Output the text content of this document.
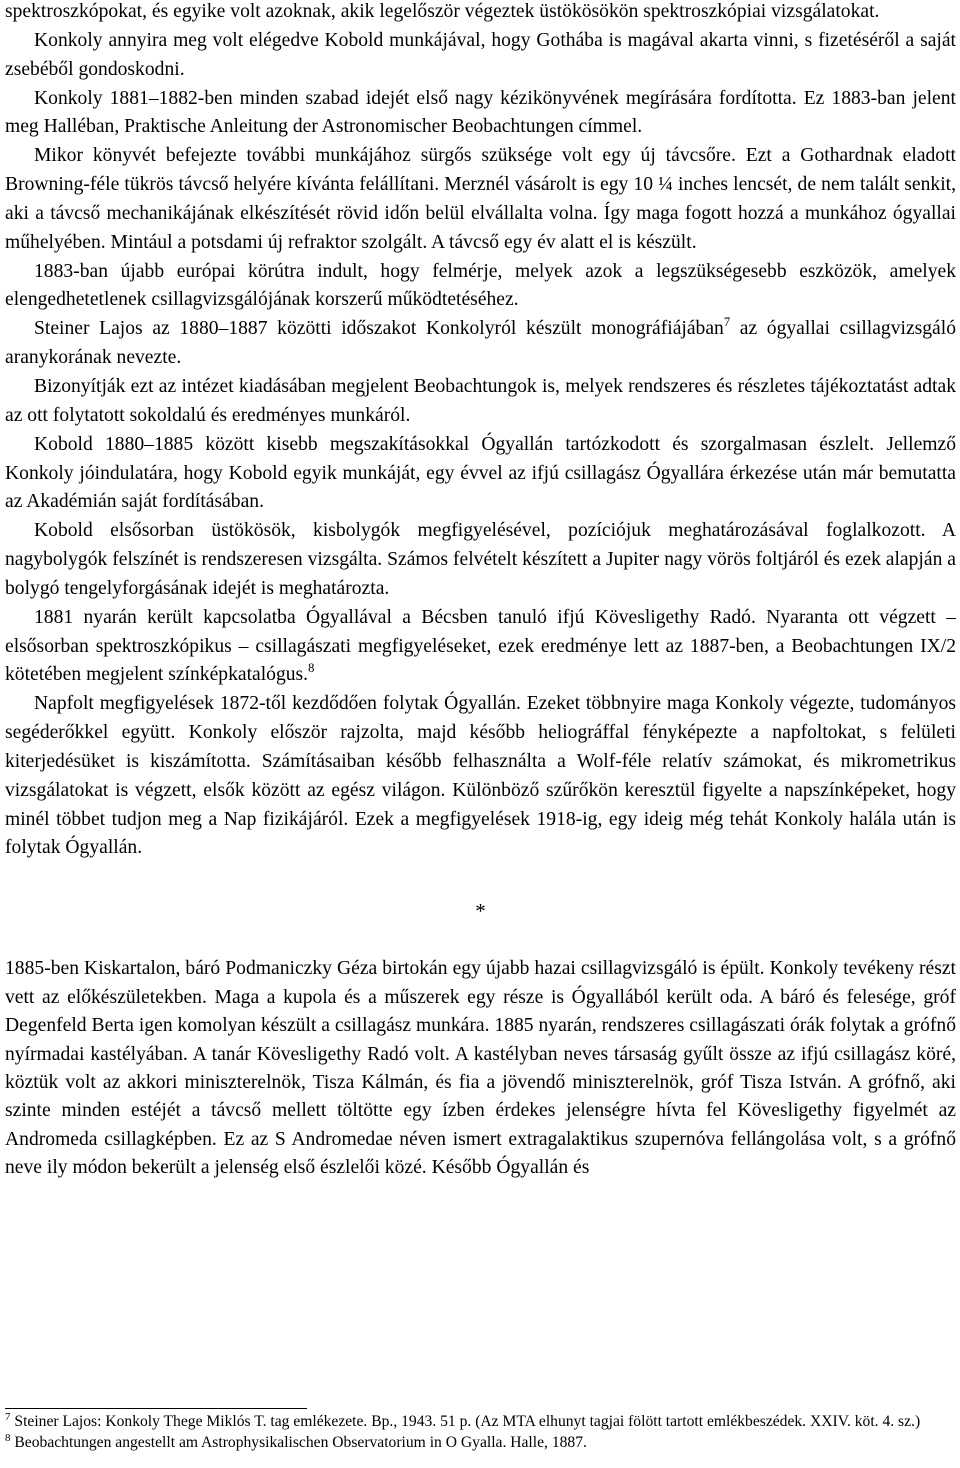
spektroszkópokat, és egyike volt azoknak, akik legelőször végeztek üstökösökön spektroszkópiai vizsgálatokat.

Konkoly annyira meg volt elégedve Kobold munkájával, hogy Gothába is magával akarta vinni, s fizetéséről a saját zsebéből gondoskodni.

Konkoly 1881–1882-ben minden szabad idejét első nagy kézikönyvének megírására fordította. Ez 1883-ban jelent meg Halléban, Praktische Anleitung der Astronomischer Beobachtungen címmel.

Mikor könyvét befejezte további munkájához sürgős szüksége volt egy új távcsőre. Ezt a Gothardnak eladott Browning-féle tükrös távcső helyére kívánta felállítani. Merznél vásárolt is egy 10 ¼ inches lencsét, de nem talált senkit, aki a távcső mechanikájának elkészítését rövid időn belül elvállalta volna. Így maga fogott hozzá a munkához ógyallai műhelyében. Mintául a potsdami új refraktor szolgált. A távcső egy év alatt el is készült.

1883-ban újabb európai körútra indult, hogy felmérje, melyek azok a legszükségesebb eszközök, amelyek elengedhetetlenek csillagvizsgálójának korszerű működtetéséhez.

Steiner Lajos az 1880–1887 közötti időszakot Konkolyról készült monográfiájában$^7$ az ógyallai csillagvizsgáló aranykorának nevezte.

Bizonyítják ezt az intézet kiadásában megjelent Beobachtungok is, melyek rendszeres és részletes tájékoztatást adtak az ott folytatott sokoldalú és eredményes munkáról.

Kobold 1880–1885 között kisebb megszakításokkal Ógyallán tartózkodott és szorgalmasan észlelt. Jellemző Konkoly jóindulatára, hogy Kobold egyik munkáját, egy évvel az ifjú csillagász Ógyallára érkezése után már bemutatta az Akadémián saját fordításában.

Kobold elsősorban üstökösök, kisbolygók megfigyelésével, pozíciójuk meghatározásával foglalkozott. A nagybolygók felszínét is rendszeresen vizsgálta. Számos felvételt készített a Jupiter nagy vörös foltjáról és ezek alapján a bolygó tengelyforgásának idejét is meghatározta.

1881 nyarán került kapcsolatba Ógyallával a Bécsben tanuló ifjú Kövesligethy Radó. Nyaranta ott végzett – elsősorban spektroszkópikus – csillagászati megfigyeléseket, ezek eredménye lett az 1887-ben, a Beobachtungen IX/2 kötetében megjelent színképkatalógus.$^8$

Napfolt megfigyelések 1872-től kezdődően folytak Ógyallán. Ezeket többnyire maga Konkoly végezte, tudományos segéderőkkel együtt. Konkoly először rajzolta, majd később heliográffal fényképezte a napfoltokat, s felületi kiterjedésüket is kiszámította. Számításaiban később felhasználta a Wolf-féle relatív számokat, és mikrometrikus vizsgálatokat is végzett, elsők között az egész világon. Különböző szűrőkön keresztül figyelte a napszínképeket, hogy minél többet tudjon meg a Nap fizikájáról. Ezek a megfigyelések 1918-ig, egy ideig még tehát Konkoly halála után is folytak Ógyallán.

*

1885-ben Kiskartalon, báró Podmaniczky Géza birtokán egy újabb hazai csillagvizsgáló is épült. Konkoly tevékeny részt vett az előkészületekben. Maga a kupola és a műszerek egy része is Ógyallából került oda. A báró és felesége, gróf Degenfeld Berta igen komolyan készült a csillagász munkára. 1885 nyarán, rendszeres csillagászati órák folytak a grófnő nyírmadai kastélyában. A tanár Kövesligethy Radó volt. A kastélyban neves társaság gyűlt össze az ifjú csillagász köré, köztük volt az akkori miniszterelnök, Tisza Kálmán, és fia a jövendő miniszterelnök, gróf Tisza István. A grófnő, aki szinte minden estéjét a távcső mellett töltötte egy ízben érdekes jelenségre hívta fel Kövesligethy figyelmét az Andromeda csillagképben. Ez az S Andromedae néven ismert extragalaktikus szupernóva fellángolása volt, s a grófnő neve ily módon bekerült a jelenség első észlelői közé. Később Ógyallán és

$^7$ Steiner Lajos: Konkoly Thege Miklós T. tag emlékezete. Bp., 1943. 51 p. (Az MTA elhunyt tagjai fölött tartott emlékbeszédek. XXIV. köt. 4. sz.)

$^8$ Beobachtungen angestellt am Astrophysikalischen Observatorium in O Gyalla. Halle, 1887.
